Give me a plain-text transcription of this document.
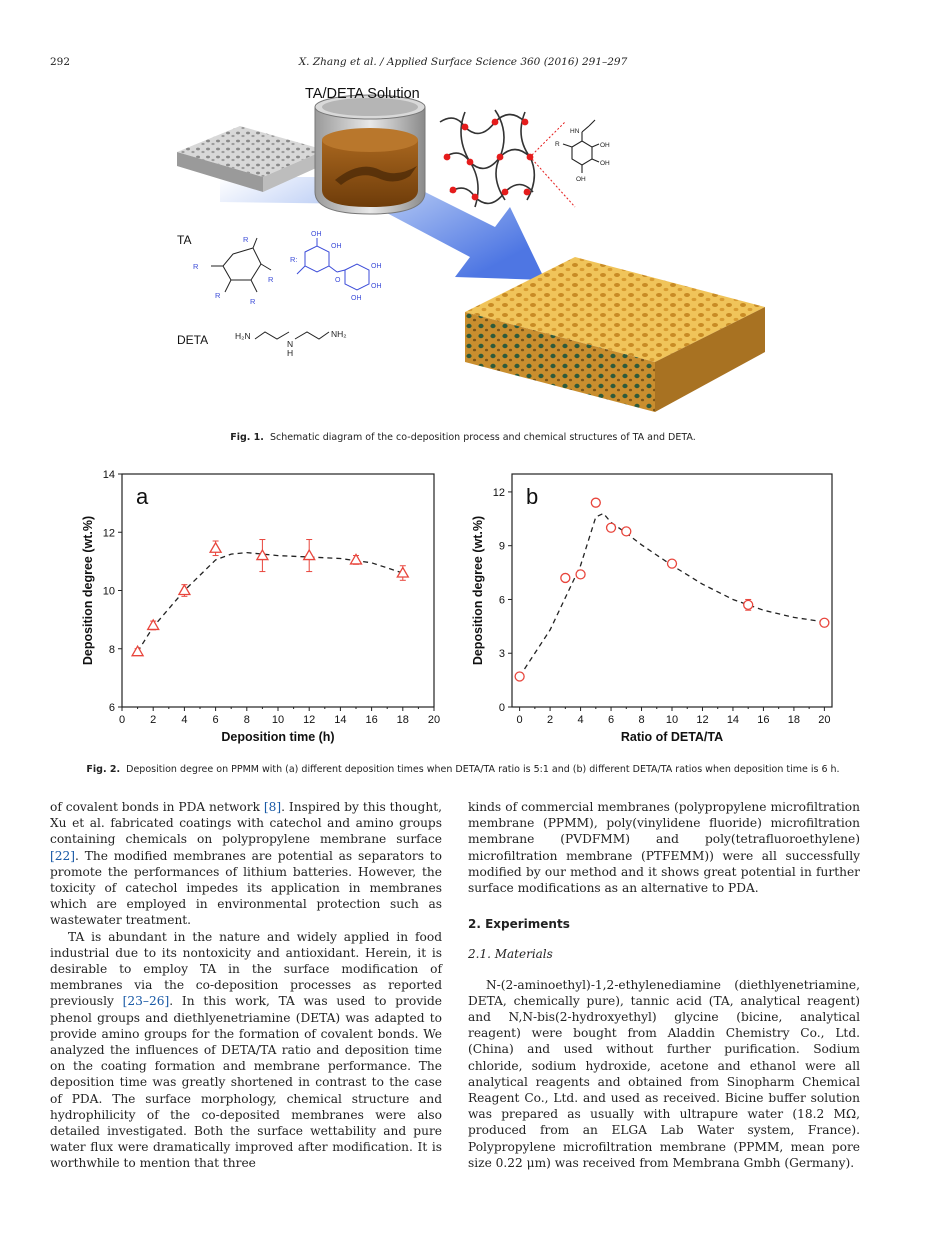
292	X. Zhang et al. / Applied Surface Science 360 (2016) 291–297
TA/DETA Solution
HN
R	OH
OH
OH
TA	R
R
R
R
R
R:
OH
OH
OH
OH
OH
O
DETA	H₂N
N
H
NH₂
Fig. 1. Schematic diagram of the co-deposition process and chemical structures of TA and DETA.
0 2 4 6 8 10 12 14 16 18 20
6
8
10
12
14
Deposition time (h)
Deposition degree (wt.%)
a
0 2 4 6 8 10 12 14 16 18 20
0
3
6
9
12
Ratio of DETA/TA
Deposition degree (wt.%)
b
Fig. 2. Deposition degree on PPMM with (a) different deposition times when DETA/TA ratio is 5:1 and (b) different DETA/TA ratios when deposition time is 6 h.

of covalent bonds in PDA network [8]. Inspired by this thought, Xu et al. fabricated coatings with catechol and amino groups containing chemicals on polypropylene membrane surface [22]. The modified membranes are potential as separators to promote the performances of lithium batteries. However, the toxicity of catechol impedes its application in membranes which are employed in environmental protection such as wastewater treatment.

TA is abundant in the nature and widely applied in food industrial due to its nontoxicity and antioxidant. Herein, it is desirable to employ TA in the surface modification of membranes via the co-deposition processes as reported previously [23–26]. In this work, TA was used to provide phenol groups and diethlyenetriamine (DETA) was adapted to provide amino groups for the formation of covalent bonds. We analyzed the influences of DETA/TA ratio and deposition time on the coating formation and membrane performance. The deposition time was greatly shortened in contrast to the case of PDA. The surface morphology, chemical structure and hydrophilicity of the co-deposited membranes were also detailed investigated. Both the surface wettability and pure water flux were dramatically improved after modification. It is worthwhile to mention that three

kinds of commercial membranes (polypropylene microfiltration membrane (PPMM), poly(vinylidene fluoride) microfiltration membrane (PVDFMM) and poly(tetrafluoroethylene) microfiltration membrane (PTFEMM)) were all successfully modified by our method and it shows great potential in further surface modifications as an alternative to PDA.

2. Experiments
2.1. Materials

N-(2-aminoethyl)-1,2-ethylenediamine (diethlyenetriamine, DETA, chemically pure), tannic acid (TA, analytical reagent) and N,N-bis(2-hydroxyethyl) glycine (bicine, analytical reagent) were bought from Aladdin Chemistry Co., Ltd. (China) and used without further purification. Sodium chloride, sodium hydroxide, acetone and ethanol were all analytical reagents and obtained from Sinopharm Chemical Reagent Co., Ltd. and used as received. Bicine buffer solution was prepared as usually with ultrapure water (18.2 MΩ, produced from an ELGA Lab Water system, France). Polypropylene microfiltration membrane (PPMM, mean pore size 0.22 μm) was received from Membrana Gmbh (Germany).
